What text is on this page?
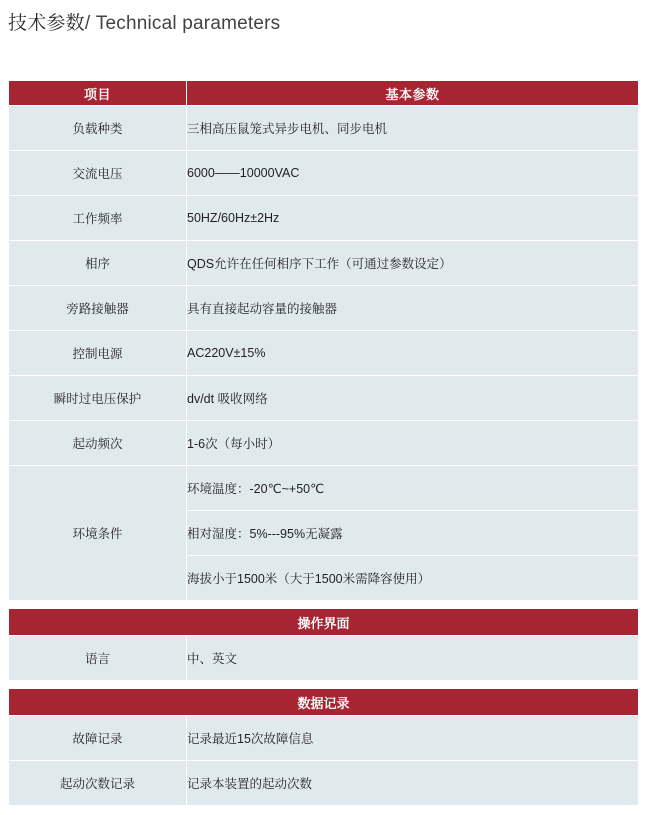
技术参数/ Technical parameters
项目	基本参数
负载种类	三相高压鼠笼式异步电机、同步电机
交流电压	6000——10000VAC
工作频率	50HZ/60Hz±2Hz
相序	QDS允许在任何相序下工作（可通过参数设定）
旁路接触器	具有直接起动容量的接触器
控制电源	AC220V±15%
瞬时过电压保护	dv/dt 吸收网络
起动频次	1-6次（每小时）
环境条件	环境温度：-20℃~+50℃
	相对湿度：5%---95%无凝露
	海拔小于1500米（大于1500米需降容使用）

操作界面	
语言	中、英文

数据记录	
故障记录	记录最近15次故障信息
起动次数记录	记录本装置的起动次数
